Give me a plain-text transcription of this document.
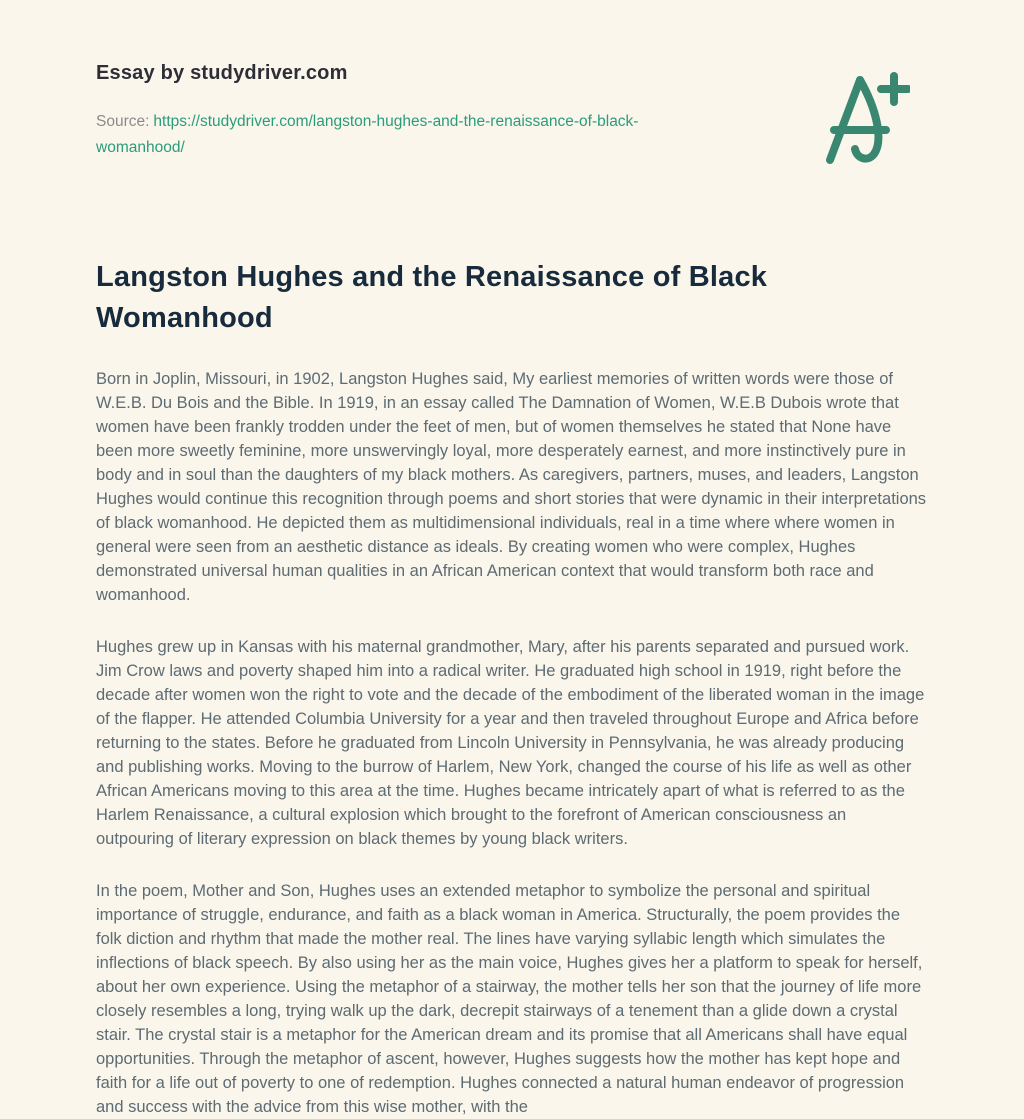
Essay by studydriver.com
Source: https://studydriver.com/langston-hughes-and-the-renaissance-of-black-womanhood/
Langston Hughes and the Renaissance of Black Womanhood

Born in Joplin, Missouri, in 1902, Langston Hughes said, My earliest memories of written words were those of W.E.B. Du Bois and the Bible. In 1919, in an essay called The Damnation of Women, W.E.B Dubois wrote that women have been frankly trodden under the feet of men, but of women themselves he stated that None have been more sweetly feminine, more unswervingly loyal, more desperately earnest, and more instinctively pure in body and in soul than the daughters of my black mothers. As caregivers, partners, muses, and leaders, Langston Hughes would continue this recognition through poems and short stories that were dynamic in their interpretations of black womanhood. He depicted them as multidimensional individuals, real in a time where where women in general were seen from an aesthetic distance as ideals. By creating women who were complex, Hughes demonstrated universal human qualities in an African American context that would transform both race and womanhood.

Hughes grew up in Kansas with his maternal grandmother, Mary, after his parents separated and pursued work. Jim Crow laws and poverty shaped him into a radical writer. He graduated high school in 1919, right before the decade after women won the right to vote and the decade of the embodiment of the liberated woman in the image of the flapper. He attended Columbia University for a year and then traveled throughout Europe and Africa before returning to the states. Before he graduated from Lincoln University in Pennsylvania, he was already producing and publishing works. Moving to the burrow of Harlem, New York, changed the course of his life as well as other African Americans moving to this area at the time. Hughes became intricately apart of what is referred to as the Harlem Renaissance, a cultural explosion which brought to the forefront of American consciousness an outpouring of literary expression on black themes by young black writers.

In the poem, Mother and Son, Hughes uses an extended metaphor to symbolize the personal and spiritual importance of struggle, endurance, and faith as a black woman in America. Structurally, the poem provides the folk diction and rhythm that made the mother real. The lines have varying syllabic length which simulates the inflections of black speech. By also using her as the main voice, Hughes gives her a platform to speak for herself, about her own experience. Using the metaphor of a stairway, the mother tells her son that the journey of life more closely resembles a long, trying walk up the dark, decrepit stairways of a tenement than a glide down a crystal stair. The crystal stair is a metaphor for the American dream and its promise that all Americans shall have equal opportunities. Through the metaphor of ascent, however, Hughes suggests how the mother has kept hope and faith for a life out of poverty to one of redemption. Hughes connected a natural human endeavor of progression and success with the advice from this wise mother, with the
